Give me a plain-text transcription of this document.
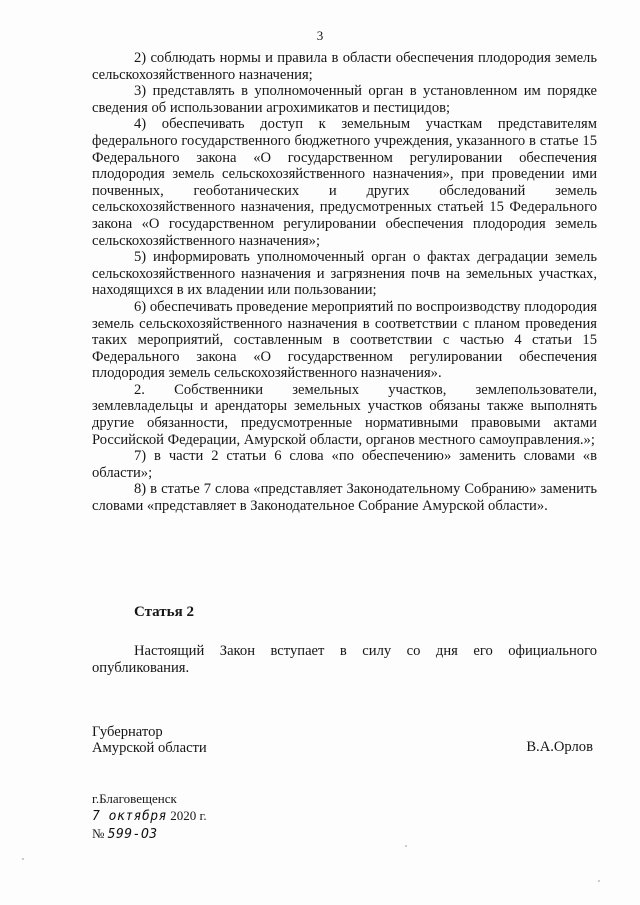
3

2) соблюдать нормы и правила в области обеспечения плодородия земель сельскохозяйственного назначения;

3) представлять в уполномоченный орган в установленном им порядке сведения об использовании агрохимикатов и пестицидов;

4) обеспечивать доступ к земельным участкам представителям федерального государственного бюджетного учреждения, указанного в статье 15 Федерального закона «О государственном регулировании обеспечения плодородия земель сельскохозяйственного назначения», при проведении ими почвенных, геоботанических и других обследований земель сельскохозяйственного назначения, предусмотренных статьей 15 Федерального закона «О государственном регулировании обеспечения плодородия земель сельскохозяйственного назначения»;

5) информировать уполномоченный орган о фактах деградации земель сельскохозяйственного назначения и загрязнения почв на земельных участках, находящихся в их владении или пользовании;

6) обеспечивать проведение мероприятий по воспроизводству плодородия земель сельскохозяйственного назначения в соответствии с планом проведения таких мероприятий, составленным в соответствии с частью 4 статьи 15 Федерального закона «О государственном регулировании обеспечения плодородия земель сельскохозяйственного назначения».

2. Собственники земельных участков, землепользователи, землевладельцы и арендаторы земельных участков обязаны также выполнять другие обязанности, предусмотренные нормативными правовыми актами Российской Федерации, Амурской области, органов местного самоуправления.»;

7) в части 2 статьи 6 слова «по обеспечению» заменить словами «в области»;

8) в статье 7 слова «представляет Законодательному Собранию» заменить словами «представляет в Законодательное Собрание Амурской области».

Статья 2

Настоящий Закон вступает в силу со дня его официального опубликования.

Губернатор
Амурской области	В.А.Орлов
г.Благовещенск
7 октября 2020 г.
№ 599-ОЗ
